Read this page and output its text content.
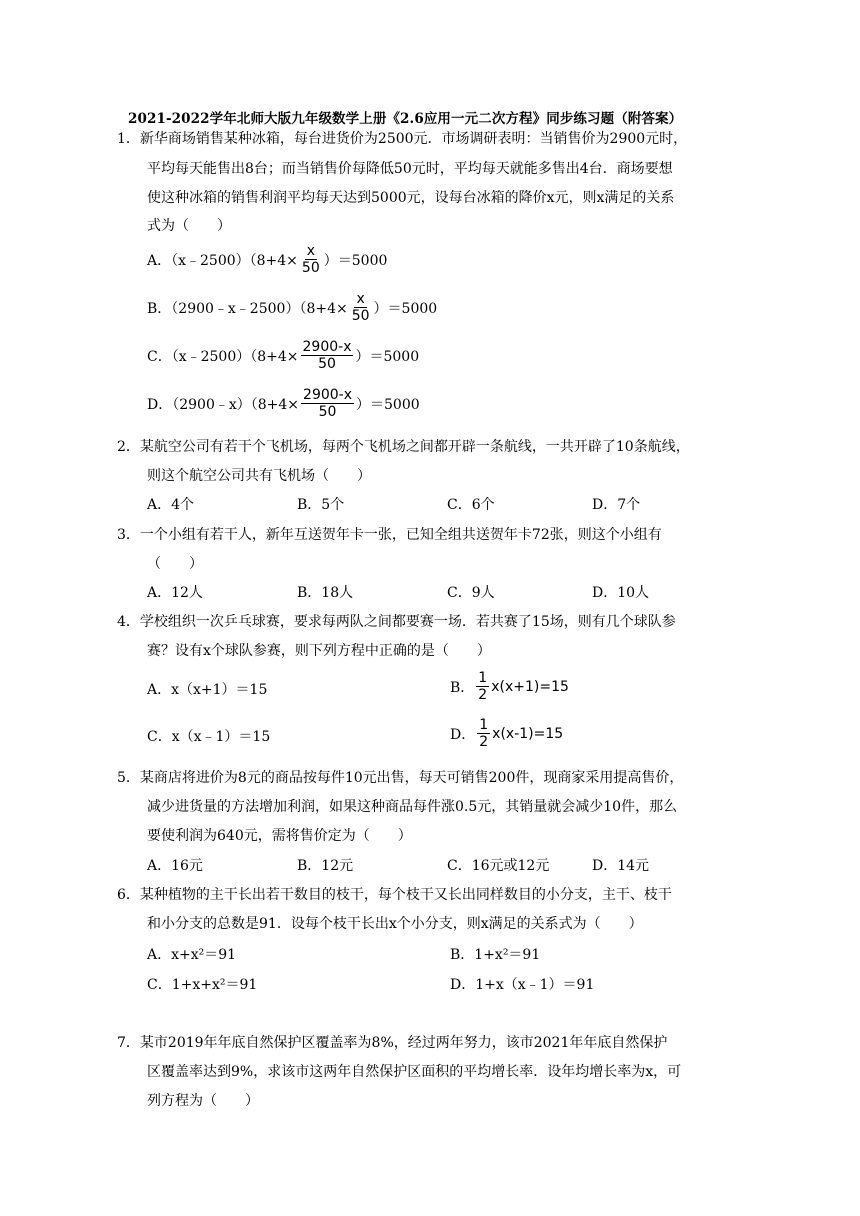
2021-2022学年北师大版九年级数学上册《2.6应用一元二次方程》同步练习题（附答案）
1．新华商场销售某种冰箱，每台进货价为2500元．市场调研表明：当销售价为2900元时，
平均每天能售出8台；而当销售价每降低50元时，平均每天就能多售出4台．商场要想
使这种冰箱的销售利润平均每天达到5000元，设每台冰箱的降价x元，则x满足的关系
式为（　　）
A．（x﹣2500）（8+4× $\frac{x}{50} )=5000$
B．（2900﹣x﹣2500）（8+4× $\frac{x}{50} )=5000$
C．（x﹣2500）（8+4× $\frac{2900-x}{50} )=5000$
D．（2900﹣x）（8+4× $\frac{2900-x}{50} )=5000$
2．某航空公司有若干个飞机场，每两个飞机场之间都开辟一条航线，一共开辟了10条航线，
则这个航空公司共有飞机场（　　）
A．4个	B．5个	C．6个	D．7个
3．一个小组有若干人，新年互送贺年卡一张，已知全组共送贺年卡72张，则这个小组有
（　　）
A．12人	B．18人	C．9人	D．10人
4．学校组织一次乒乓球赛，要求每两队之间都要赛一场．若共赛了15场，则有几个球队参
赛？设有x个球队参赛，则下列方程中正确的是（　　）
A．x（x+1）＝15	B． $\frac{1}{2} x(x+1)=15$
C．x（x﹣1）＝15	D． $\frac{1}{2} x(x-1)=15$
5．某商店将进价为8元的商品按每件10元出售，每天可销售200件，现商家采用提高售价，
减少进货量的方法增加利润，如果这种商品每件涨0.5元，其销量就会减少10件，那么
要使利润为640元，需将售价定为（　　）
A．16元	B．12元	C．16元或12元	D．14元
6．某种植物的主干长出若干数目的枝干，每个枝干又长出同样数目的小分支，主干、枝干
和小分支的总数是91．设每个枝干长出x个小分支，则x满足的关系式为（　　）
A．x+x²＝91	B．1+x²＝91
C．1+x+x²＝91	D．1+x（x﹣1）＝91
7．某市2019年年底自然保护区覆盖率为8%，经过两年努力，该市2021年年底自然保护
区覆盖率达到9%，求该市这两年自然保护区面积的平均增长率．设年均增长率为x，可
列方程为（　　）
